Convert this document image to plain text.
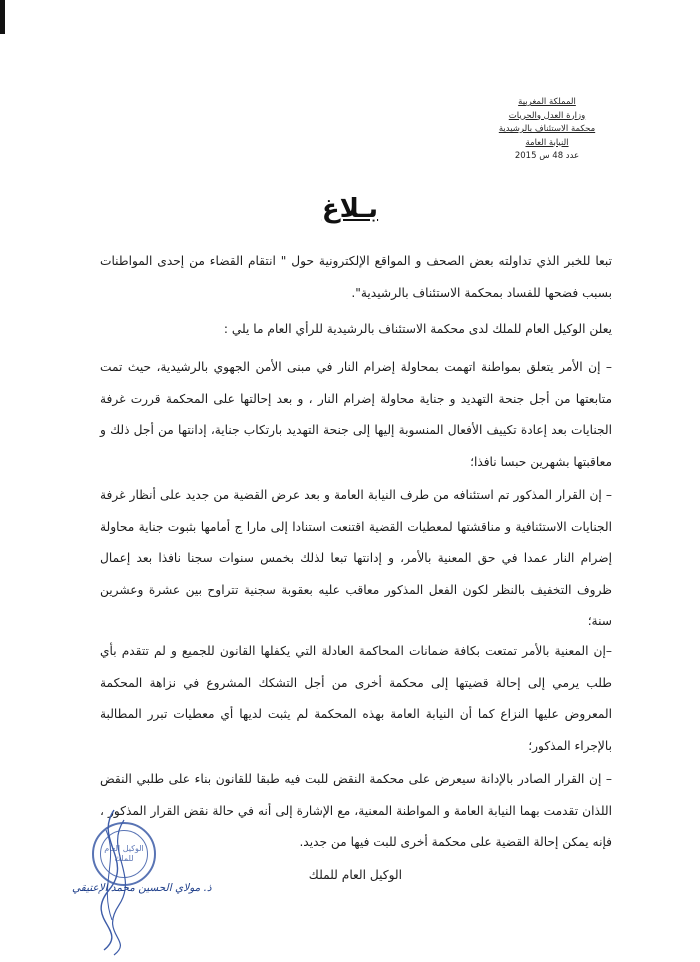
المملكة المغربية
وزارة العدل والحريات
محكمة الاستئناف بالرشيدية
النيابة العامة
عدد 48 س 2015
بـلاغ
تبعا للخبر الذي تداولته بعض الصحف و المواقع الإلكترونية حول " انتقام القضاء من إحدى المواطنات بسبب فضحها للفساد بمحكمة الاستئناف بالرشيدية".
يعلن الوكيل العام للملك لدى محكمة الاستئناف بالرشيدية للرأي العام ما يلي :
– إن الأمر يتعلق بمواطنة اتهمت بمحاولة إضرام النار في مبنى الأمن الجهوي بالرشيدية، حيث تمت متابعتها من أجل جنحة التهديد و جناية محاولة إضرام النار ، و بعد إحالتها على المحكمة قررت غرفة الجنايات بعد إعادة تكييف الأفعال المنسوبة إليها إلى جنحة التهديد بارتكاب جناية، إدانتها من أجل ذلك و معاقبتها بشهرين حبسا نافذا؛
– إن القرار المذكور تم استئنافه من طرف النيابة العامة و بعد عرض القضية من جديد على أنظار غرفة الجنايات الاستئنافية و مناقشتها لمعطيات القضية اقتنعت استنادا إلى مارا ج أمامها بثبوت جناية محاولة إضرام النار عمدا في حق المعنية بالأمر، و إدانتها تبعا لذلك بخمس سنوات سجنا نافذا بعد إعمال ظروف التخفيف بالنظر لكون الفعل المذكور معاقب عليه بعقوبة سجنية تتراوح بين عشرة وعشرين سنة؛
–إن المعنية بالأمر تمتعت بكافة ضمانات المحاكمة العادلة التي يكفلها القانون للجميع و لم تتقدم بأي طلب يرمي إلى إحالة قضيتها إلى محكمة أخرى من أجل التشكك المشروع في نزاهة المحكمة المعروض عليها النزاع كما أن النيابة العامة بهذه المحكمة لم يثبت لديها أي معطيات تبرر المطالبة بالإجراء المذكور؛
– إن القرار الصادر بالإدانة سيعرض على محكمة النقض للبت فيه طبقا للقانون بناء على طلبي النقض اللذان تقدمت بهما النيابة العامة و المواطنة المعنية، مع الإشارة إلى أنه في حالة نقض القرار المذكور ، فإنه يمكن إحالة القضية على محكمة أخرى للبت فيها من جديد.
الوكيل العام للملك
الوكيل العام للملك
ذ. مولاي الحسين محمد الإعتيقي
